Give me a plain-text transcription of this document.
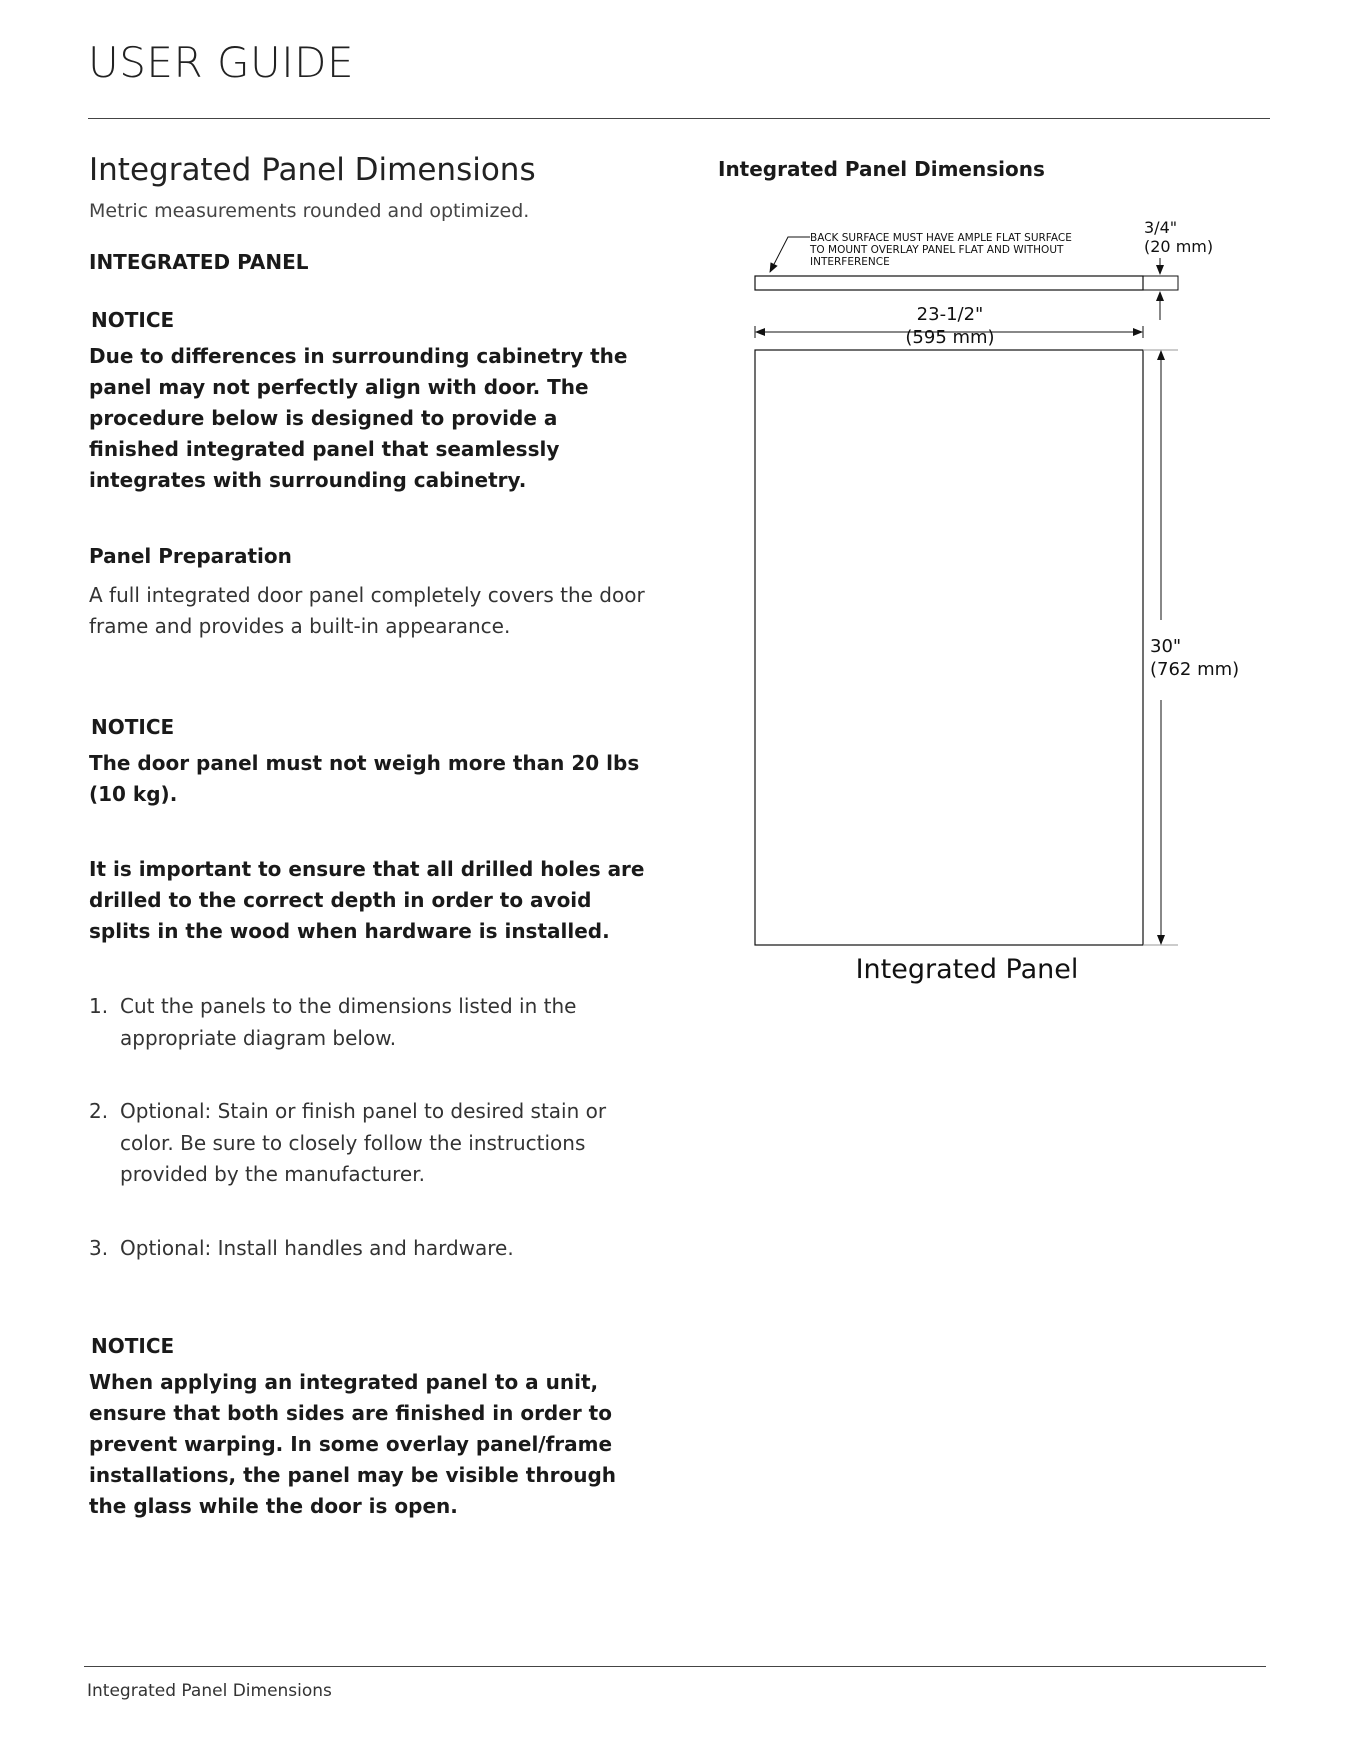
USER GUIDE
Integrated Panel Dimensions

Metric measurements rounded and optimized.

INTEGRATED PANEL

NOTICE

Due to differences in surrounding cabinetry the panel may not perfectly align with door. The procedure below is designed to provide a finished integrated panel that seamlessly integrates with surrounding cabinetry.

Panel Preparation

A full integrated door panel completely covers the door frame and provides a built-in appearance.

NOTICE

The door panel must not weigh more than 20 lbs (10 kg).

It is important to ensure that all drilled holes are drilled to the correct depth in order to avoid splits in the wood when hardware is installed.

1. Cut the panels to the dimensions listed in the appropriate diagram below.
2. Optional: Stain or finish panel to desired stain or color. Be sure to closely follow the instructions provided by the manufacturer.
3. Optional: Install handles and hardware.

NOTICE

When applying an integrated panel to a unit, ensure that both sides are finished in order to prevent warping. In some overlay panel/frame installations, the panel may be visible through the glass while the door is open.

Integrated Panel Dimensions
BACK SURFACE MUST HAVE AMPLE FLAT SURFACE
TO MOUNT OVERLAY PANEL FLAT AND WITHOUT
INTERFERENCE
3/4"
(20 mm)
23-1/2"
(595 mm)
30"
(762 mm)
Integrated Panel
Integrated Panel Dimensions
